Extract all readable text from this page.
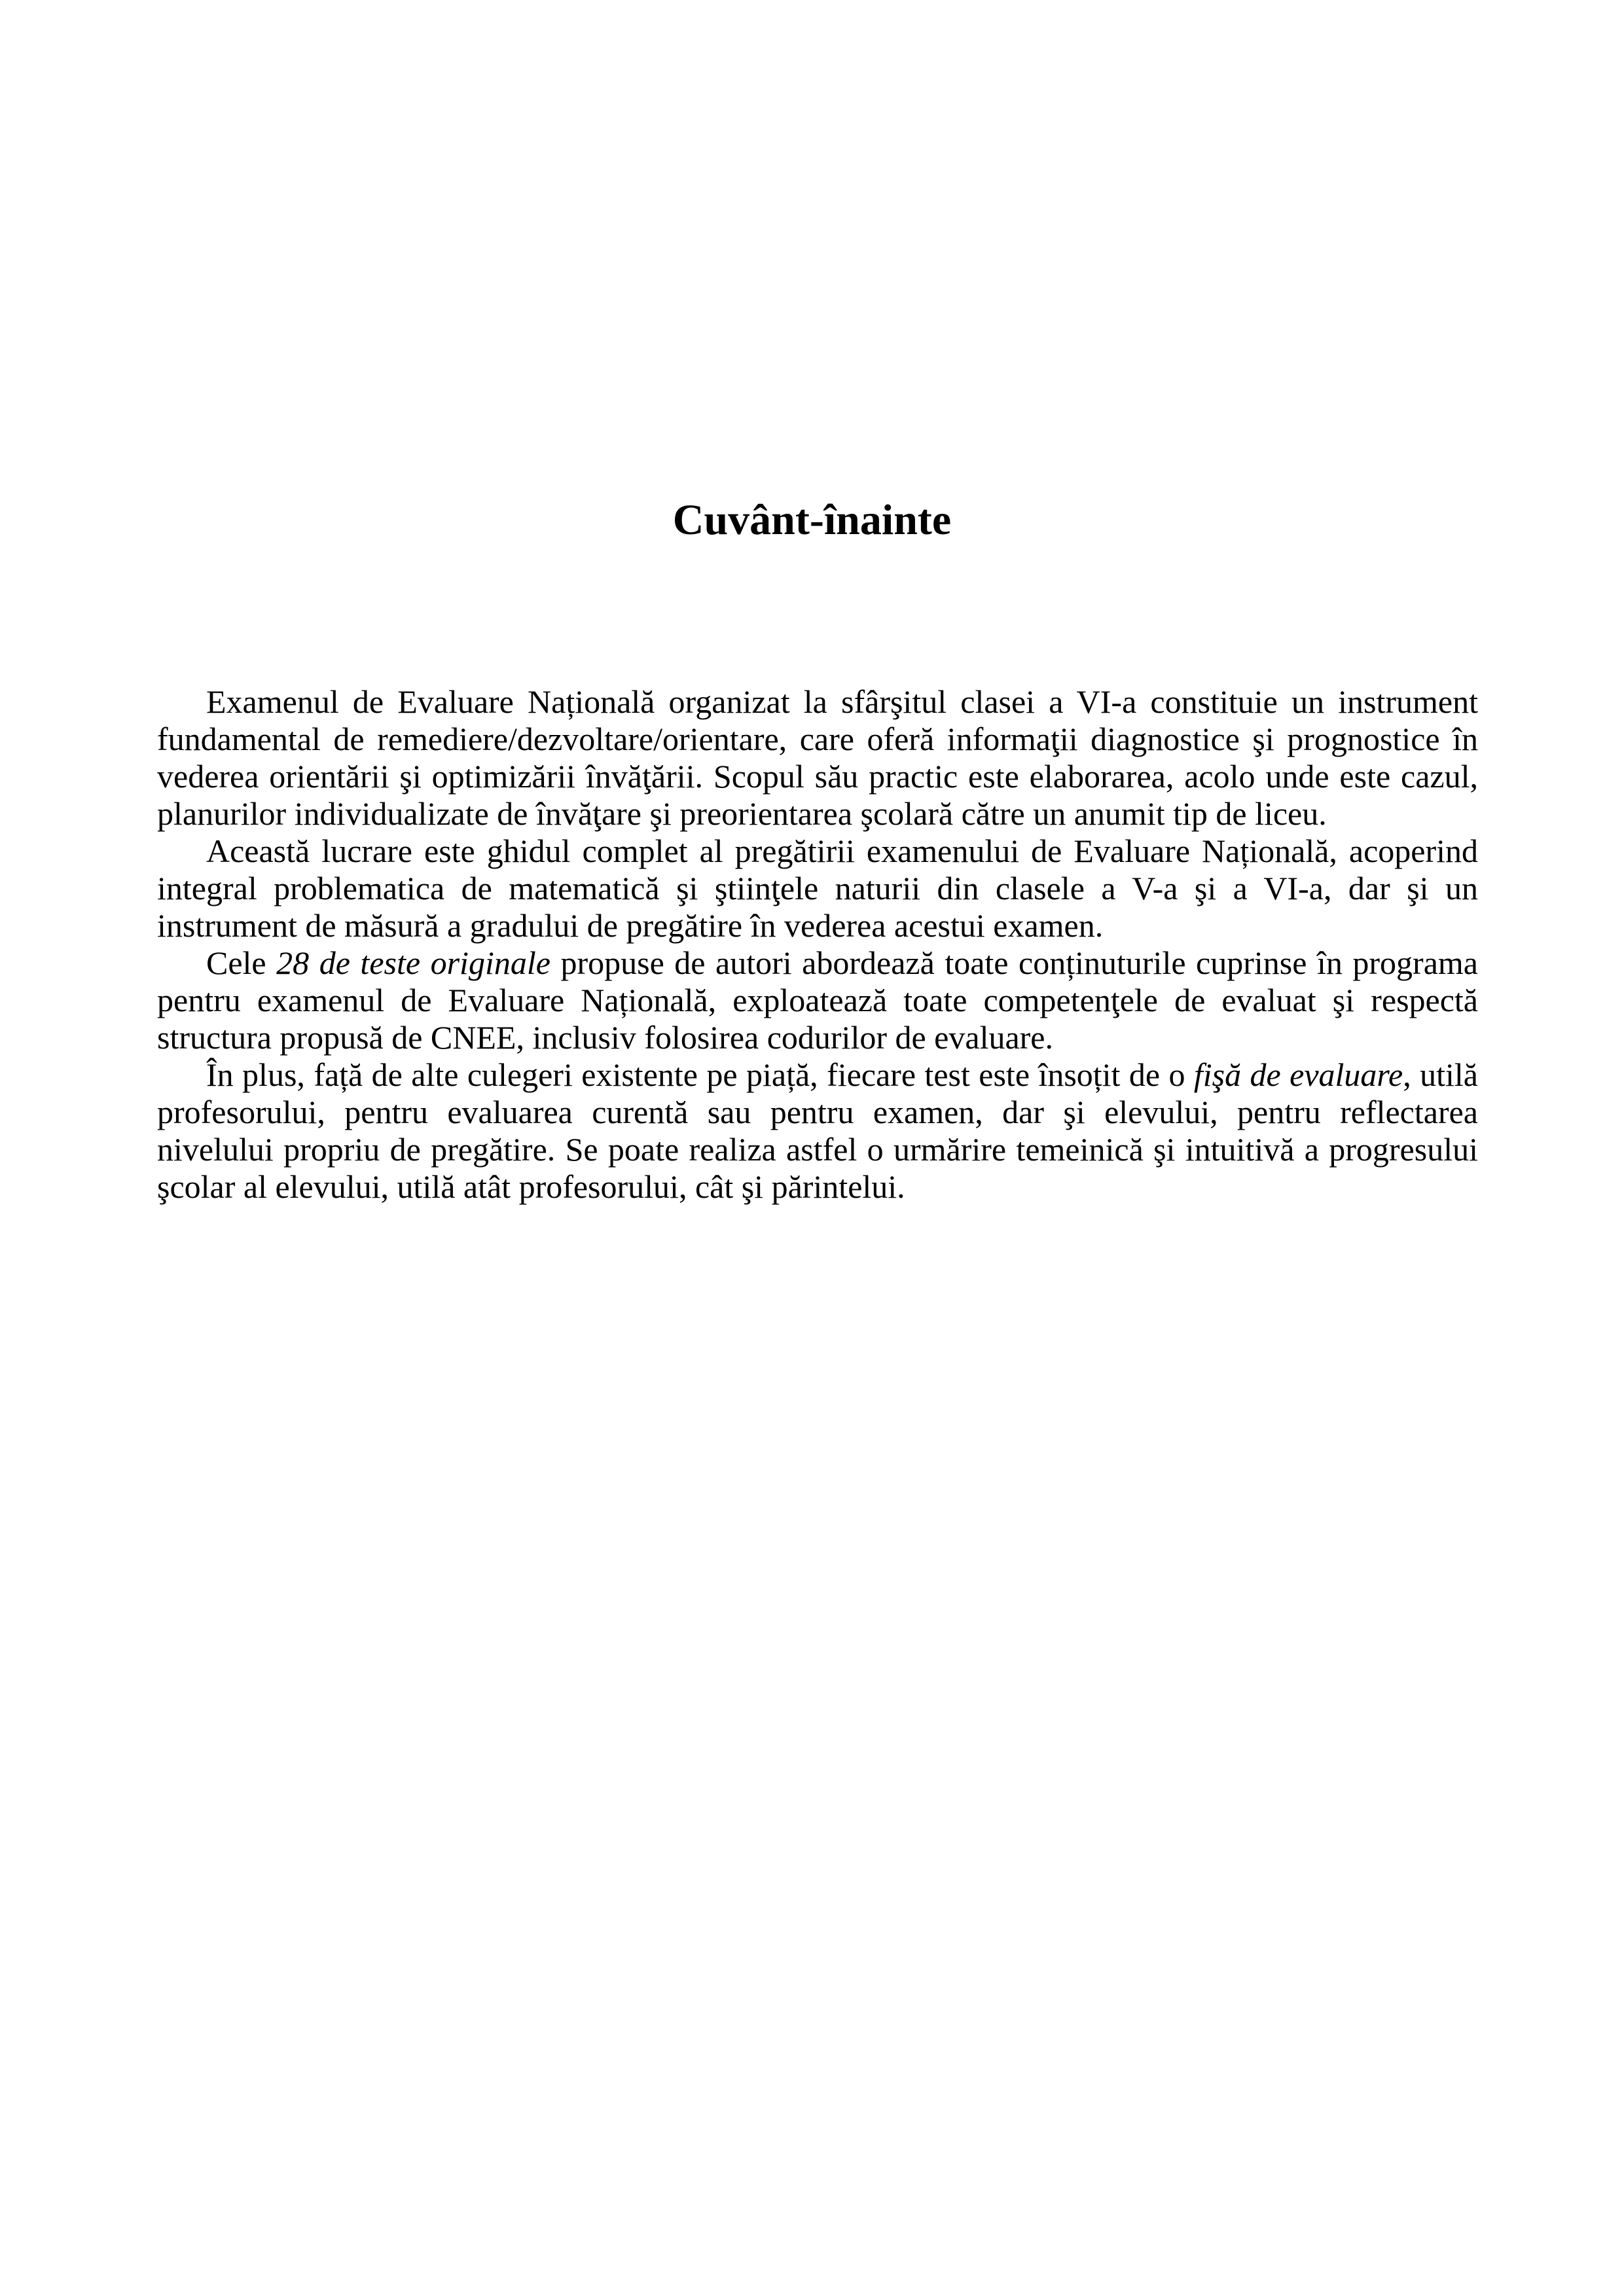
Cuvânt-înainte
Examenul de Evaluare Națională organizat la sfârşitul clasei a VI-a constituie un instrument
fundamental de remediere/dezvoltare/orientare, care oferă informaţii diagnostice şi prognostice în
vederea orientării şi optimizării învăţării. Scopul său practic este elaborarea, acolo unde este cazul,
planurilor individualizate de învăţare şi preorientarea şcolară către un anumit tip de liceu.
Această lucrare este ghidul complet al pregătirii examenului de Evaluare Națională, acoperind
integral problematica de matematică şi ştiinţele naturii din clasele a V-a şi a VI-a, dar şi un
instrument de măsură a gradului de pregătire în vederea acestui examen.
Cele 28 de teste originale propuse de autori abordează toate conținuturile cuprinse în programa
pentru examenul de Evaluare Națională, exploatează toate competenţele de evaluat şi respectă
structura propusă de CNEE, inclusiv folosirea codurilor de evaluare.
În plus, față de alte culegeri existente pe piață, fiecare test este însoțit de o fişă de evaluare, utilă
profesorului, pentru evaluarea curentă sau pentru examen, dar şi elevului, pentru reflectarea
nivelului propriu de pregătire. Se poate realiza astfel o urmărire temeinică şi intuitivă a progresului
şcolar al elevului, utilă atât profesorului, cât şi părintelui.
